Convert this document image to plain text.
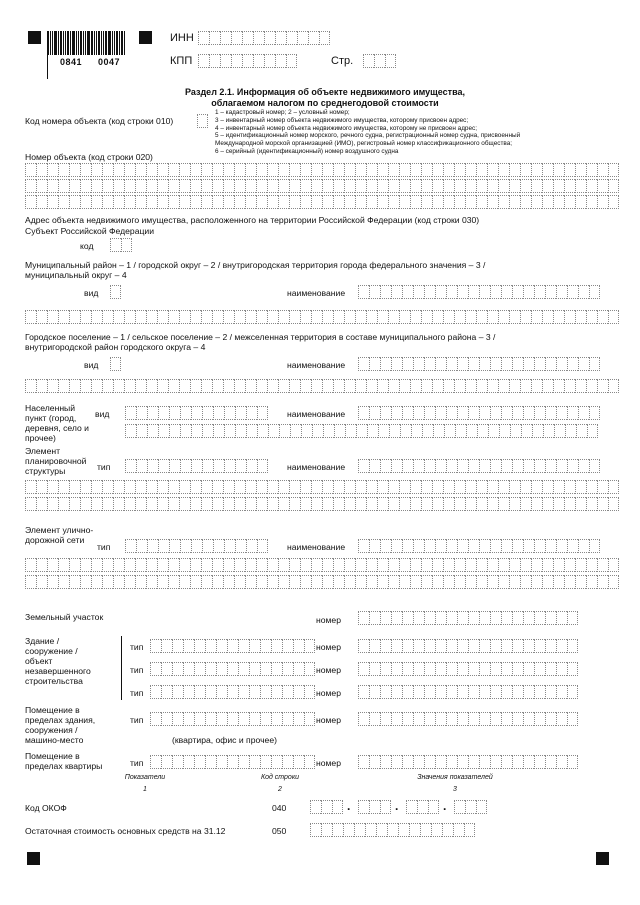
0841 0047
ИНН
КПП	Стр.
Раздел 2.1. Информация об объекте недвижимого имущества,
облагаемом налогом по среднегодовой стоимости
Код номера объекта (код строки 010)
1 – кадастровый номер; 2 – условный номер;
3 – инвентарный номер объекта недвижимого имущества, которому присвоен адрес;
4 – инвентарный номер объекта недвижимого имущества, которому не присвоен адрес;
5 – идентификационный номер морского, речного судна, регистрационный номер судна, присвоенный
Международной морской организацией (ИМО), регистровый номер классификационного общества;
6 – серийный (идентификационный) номер воздушного судна
Номер объекта (код строки 020)
Адрес объекта недвижимого имущества, расположенного на территории Российской Федерации (код строки 030)
Субъект Российской Федерации
код
Муниципальный район – 1 / городской округ – 2 / внутригородская территория города федерального значения – 3 /
муниципальный округ – 4
вид	наименование
Городское поселение – 1 / сельское поселение – 2 / межселенная территория в составе муниципального района – 3 /
внутригородской район городского округа – 4
вид	наименование
Населенный пункт (город, деревня, село и прочее)
вид	наименование
Элемент планировочной структуры	тип	наименование
Элемент улично-дорожной сети
тип	наименование
Земельный участок	номер
Здание / сооружение / объект незавершенного строительства
тип	номер
тип	номер
тип	номер
Помещение в пределах здания, сооружения / машино-место
тип	номер
(квартира, офис и прочее)
Помещение в пределах квартиры	тип	номер
Показатели	Код строки	Значения показателей
1	2	3
Код ОКОФ	040	.	.	.
Остаточная стоимость основных средств на 31.12	050
